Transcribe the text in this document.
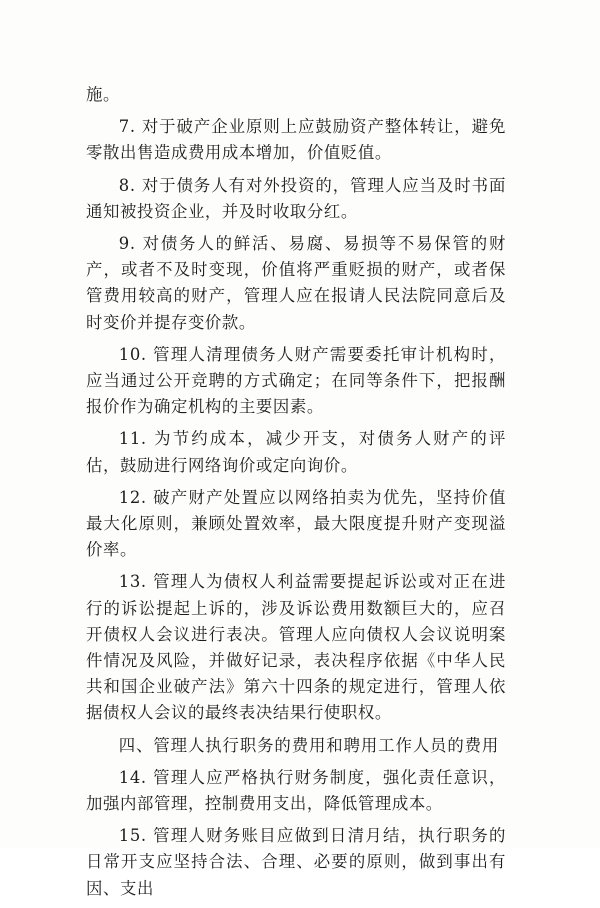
施。

7. 对于破产企业原则上应鼓励资产整体转让，避免零散出售造成费用成本增加，价值贬值。

8. 对于债务人有对外投资的，管理人应当及时书面通知被投资企业，并及时收取分红。

9. 对债务人的鲜活、易腐、易损等不易保管的财产，或者不及时变现，价值将严重贬损的财产，或者保管费用较高的财产，管理人应在报请人民法院同意后及时变价并提存变价款。

10. 管理人清理债务人财产需要委托审计机构时，应当通过公开竞聘的方式确定；在同等条件下，把报酬报价作为确定机构的主要因素。

11. 为节约成本，减少开支，对债务人财产的评估，鼓励进行网络询价或定向询价。

12. 破产财产处置应以网络拍卖为优先，坚持价值最大化原则，兼顾处置效率，最大限度提升财产变现溢价率。

13. 管理人为债权人利益需要提起诉讼或对正在进行的诉讼提起上诉的，涉及诉讼费用数额巨大的，应召开债权人会议进行表决。管理人应向债权人会议说明案件情况及风险，并做好记录，表决程序依据《中华人民共和国企业破产法》第六十四条的规定进行，管理人依据债权人会议的最终表决结果行使职权。

四、管理人执行职务的费用和聘用工作人员的费用

14. 管理人应严格执行财务制度，强化责任意识，加强内部管理，控制费用支出，降低管理成本。

15. 管理人财务账目应做到日清月结，执行职务的日常开支应坚持合法、合理、必要的原则，做到事出有因、支出
